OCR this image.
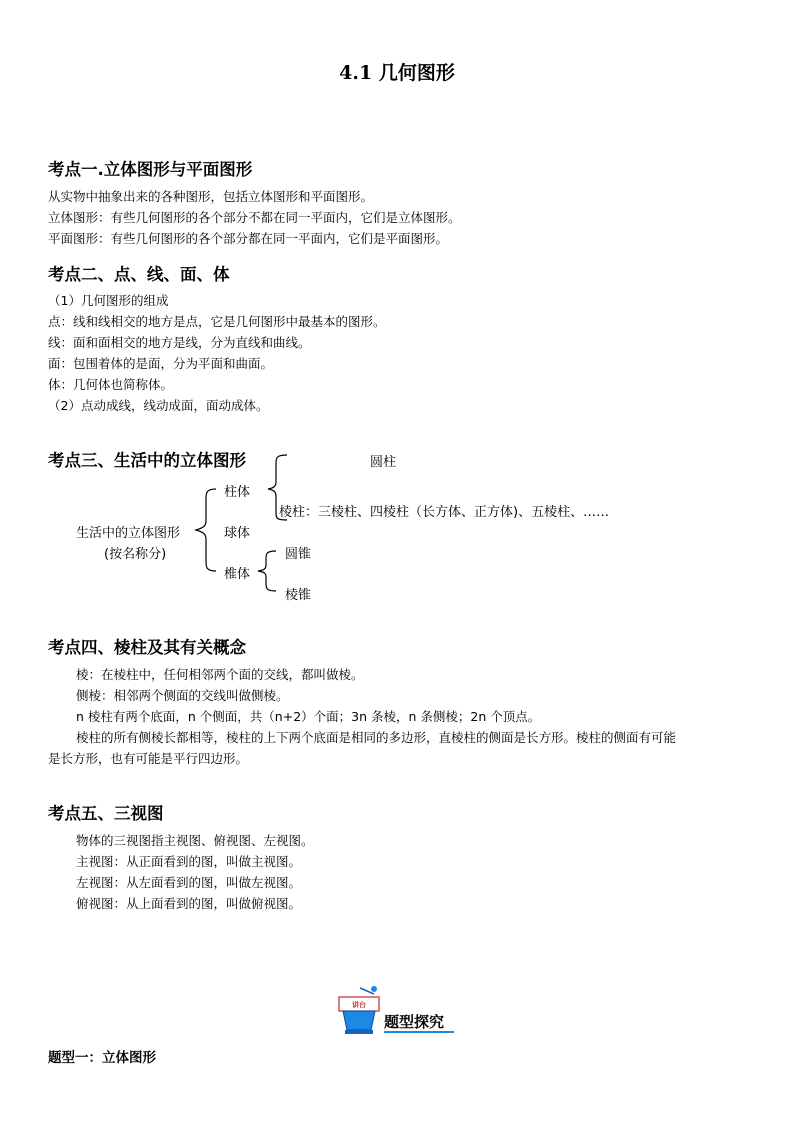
4.1 几何图形
考点一.立体图形与平面图形
从实物中抽象出来的各种图形，包括立体图形和平面图形。
立体图形：有些几何图形的各个部分不都在同一平面内，它们是立体图形。
平面图形：有些几何图形的各个部分都在同一平面内，它们是平面图形。
考点二、点、线、面、体
（1）几何图形的组成
点：线和线相交的地方是点，它是几何图形中最基本的图形。
线：面和面相交的地方是线，分为直线和曲线。
面：包围着体的是面，分为平面和曲面。
体：几何体也简称体。
（2）点动成线，线动成面，面动成体。
考点三、生活中的立体图形	圆柱
柱体
棱柱：三棱柱、四棱柱（长方体、正方体)、五棱柱、……
生活中的立体图形
(按名称分)
球体
圆锥
椎体
棱锥
考点四、棱柱及其有关概念
棱：在棱柱中，任何相邻两个面的交线，都叫做棱。
侧棱：相邻两个侧面的交线叫做侧棱。
n 棱柱有两个底面，n 个侧面，共（n+2）个面；3n 条棱，n 条侧棱；2n 个顶点。
棱柱的所有侧棱长都相等，棱柱的上下两个底面是相同的多边形，直棱柱的侧面是长方形。棱柱的侧面有可能
是长方形，也有可能是平行四边形。
考点五、三视图
物体的三视图指主视图、俯视图、左视图。
主视图：从正面看到的图，叫做主视图。
左视图：从左面看到的图，叫做左视图。
俯视图：从上面看到的图，叫做俯视图。
讲台
题型探究
题型一：立体图形
